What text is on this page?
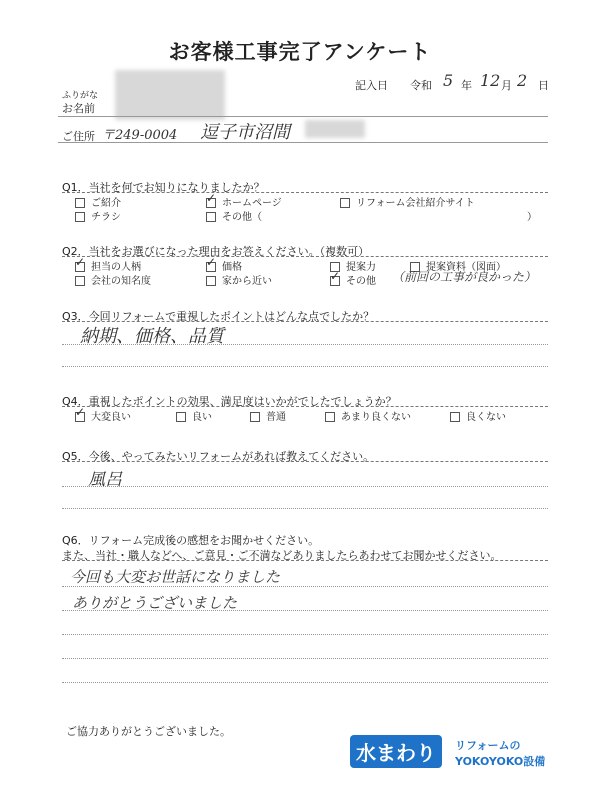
お客様工事完了アンケート
記入日 令和 5 年 12 月 2 日
ふりがな
お名前
ご住所 〒249-0004 逗子市沼間
Q1．当社を何でお知りになりましたか？
ご紹介 ✓	ホームページ	リフォーム会社紹介サイト
チラシ	その他（	）
Q2．当社をお選びになった理由をお答えください。（複数可）
✓担当の人柄 ✓	価格	提案力	提案資料（図面）
会社の知名度	家から近い ✓	その他 （前回の工事が良かった）
Q3．今回リフォームで重視したポイントはどんな点でしたか？
納期、価格、品質
Q4．重視したポイントの効果、満足度はいかがでしたでしょうか？
✓大変良い	良い	普通	あまり良くない	良くない
Q5．今後、やってみたいリフォームがあれば教えてください。
風呂
Q6．リフォーム完成後の感想をお聞かせください。
また、当社・職人などへ、ご意見・ご不満などありましたらあわせてお聞かせください。
今回も大変お世話になりました
ありがとうございました
ご協力ありがとうございました。
水まわり	リフォームの
YOKOYOKO設備
